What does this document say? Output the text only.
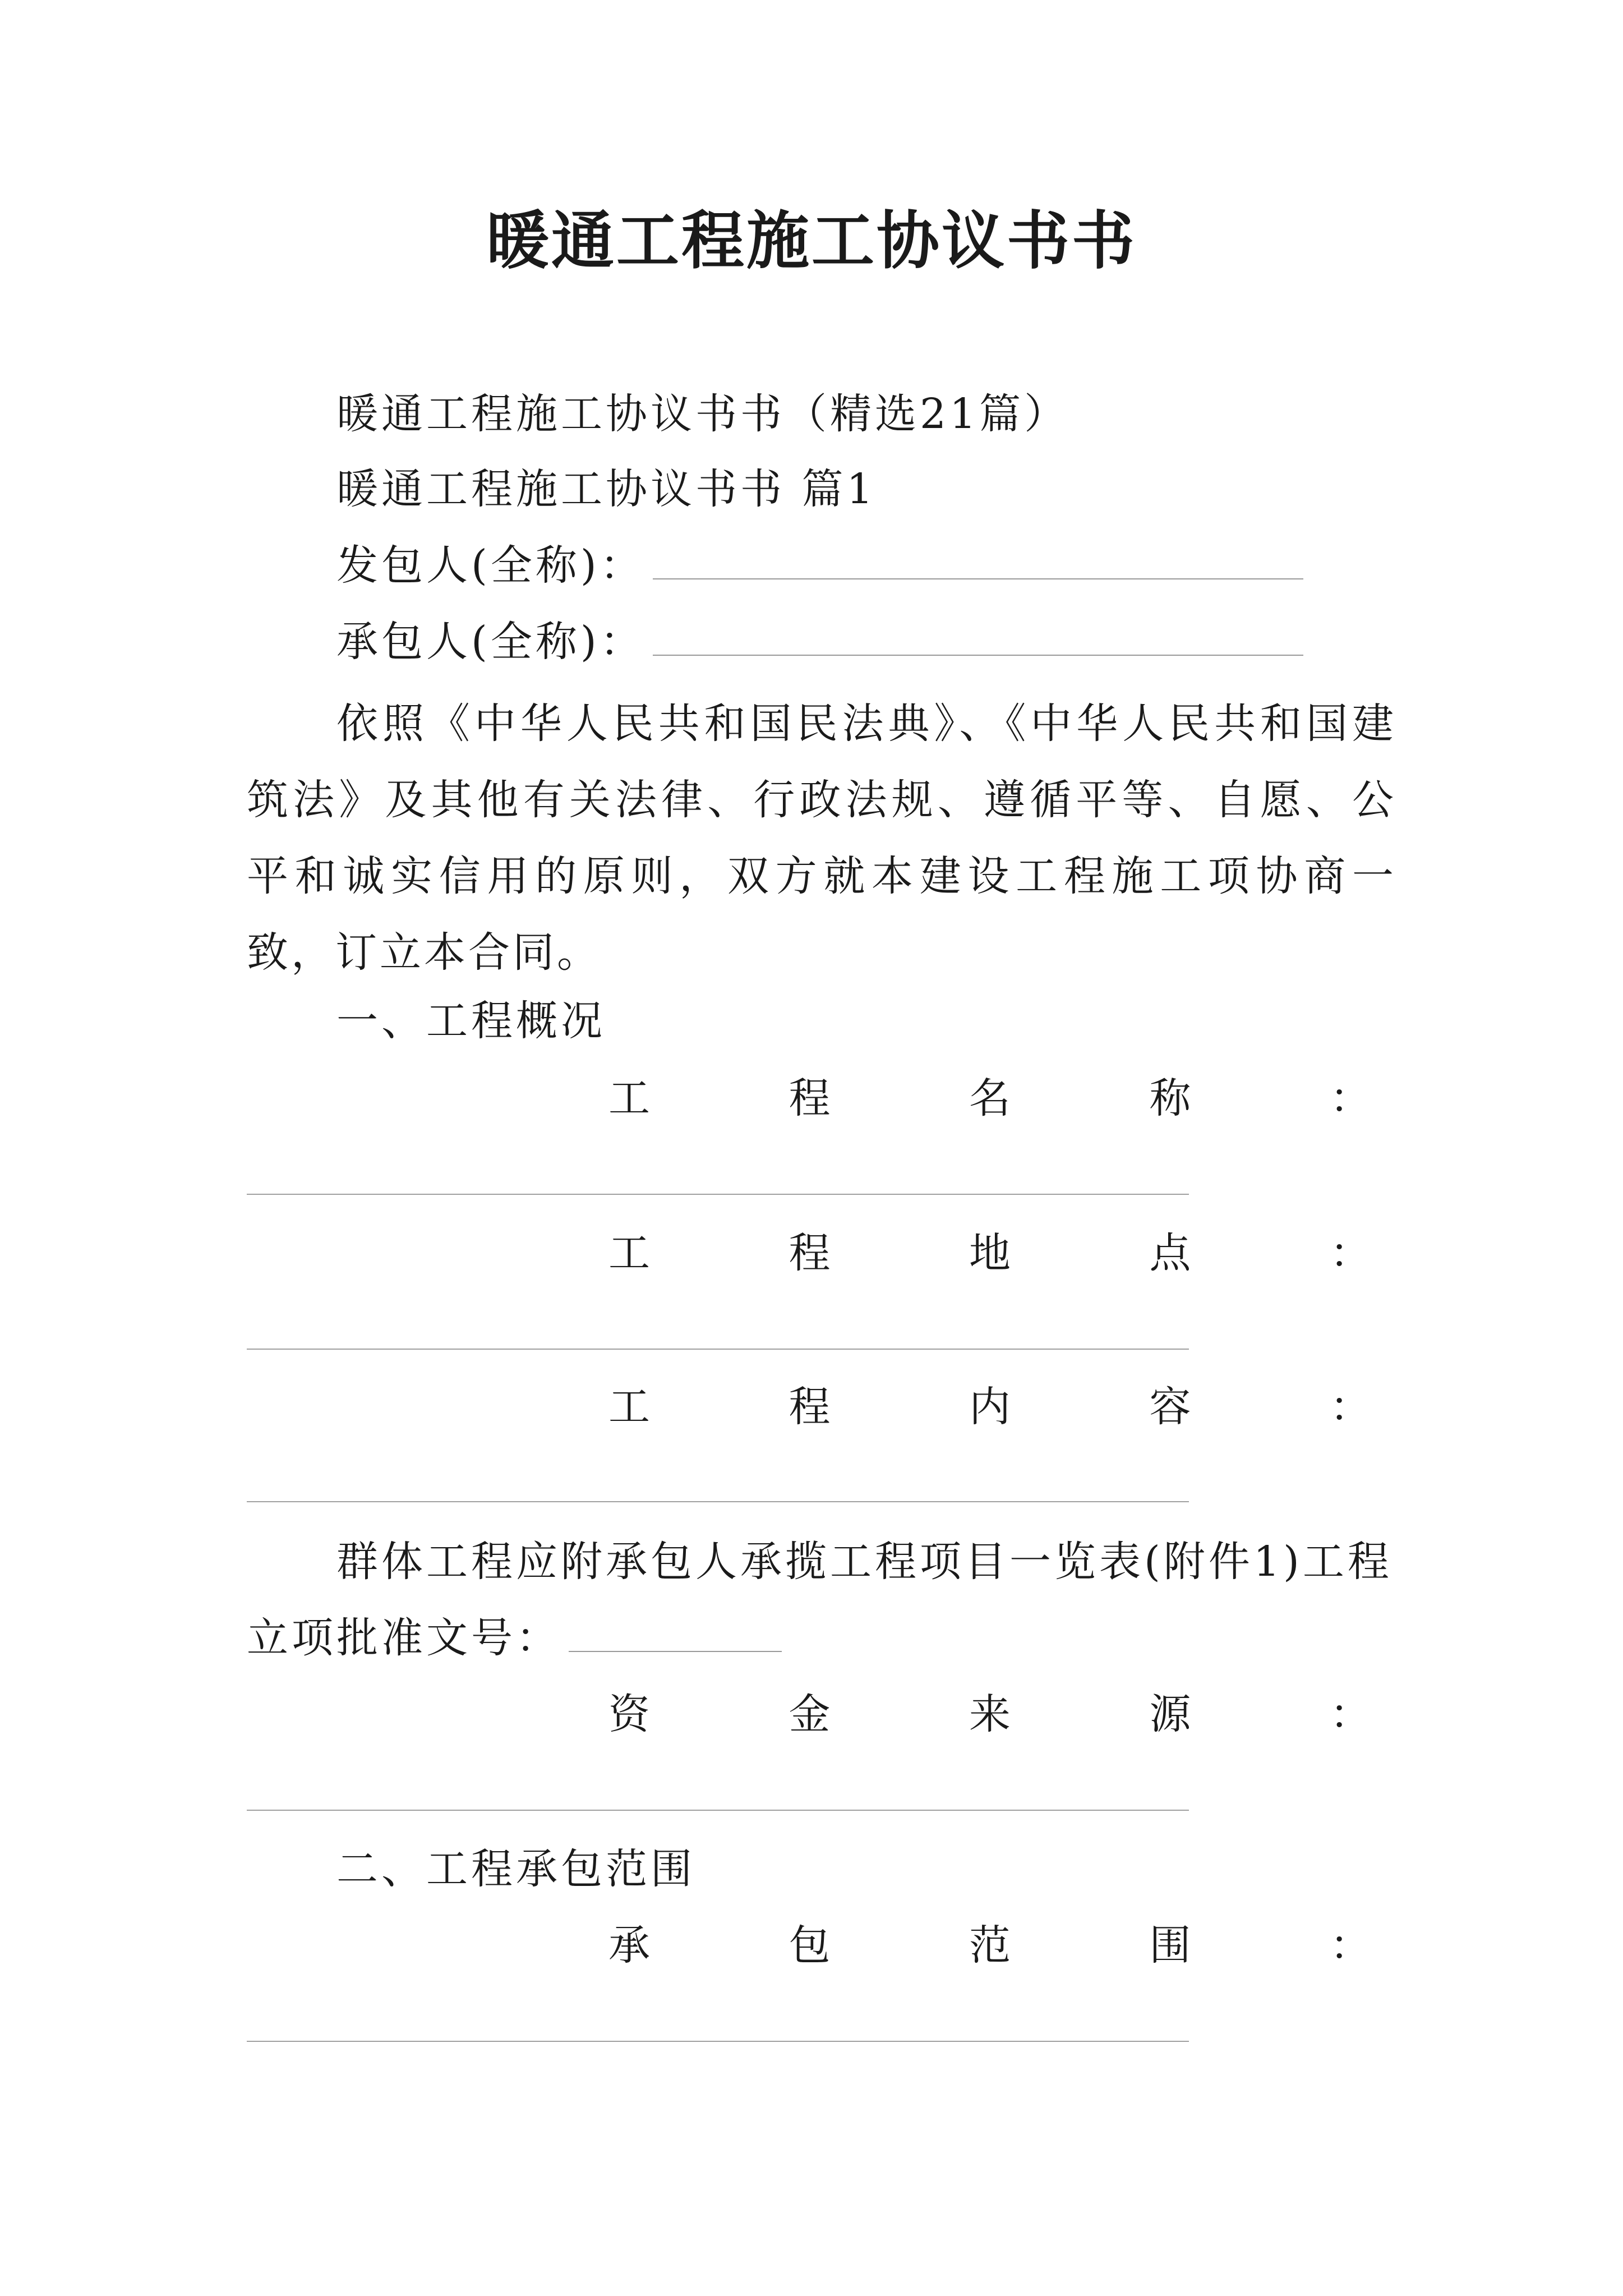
暖通工程施工协议书书
暖通工程施工协议书书（精选21篇）
暖通工程施工协议书书 篇1
发包人(全称)：
承包人(全称)：

依照《中华人民共和国民法典》、《中华人民共和国建筑法》及其他有关法律、行政法规、遵循平等、自愿、公平和诚实信用的原则，双方就本建设工程施工项协商一致，订立本合同。

一、工程概况
工	程	名	称	：
工	程	地	点	：
工	程	内	容	：
群体工程应附承包人承揽工程项目一览表(附件1)工程
立项批准文号：
资	金	来	源	：
二、工程承包范围
承	包	范	围	：
